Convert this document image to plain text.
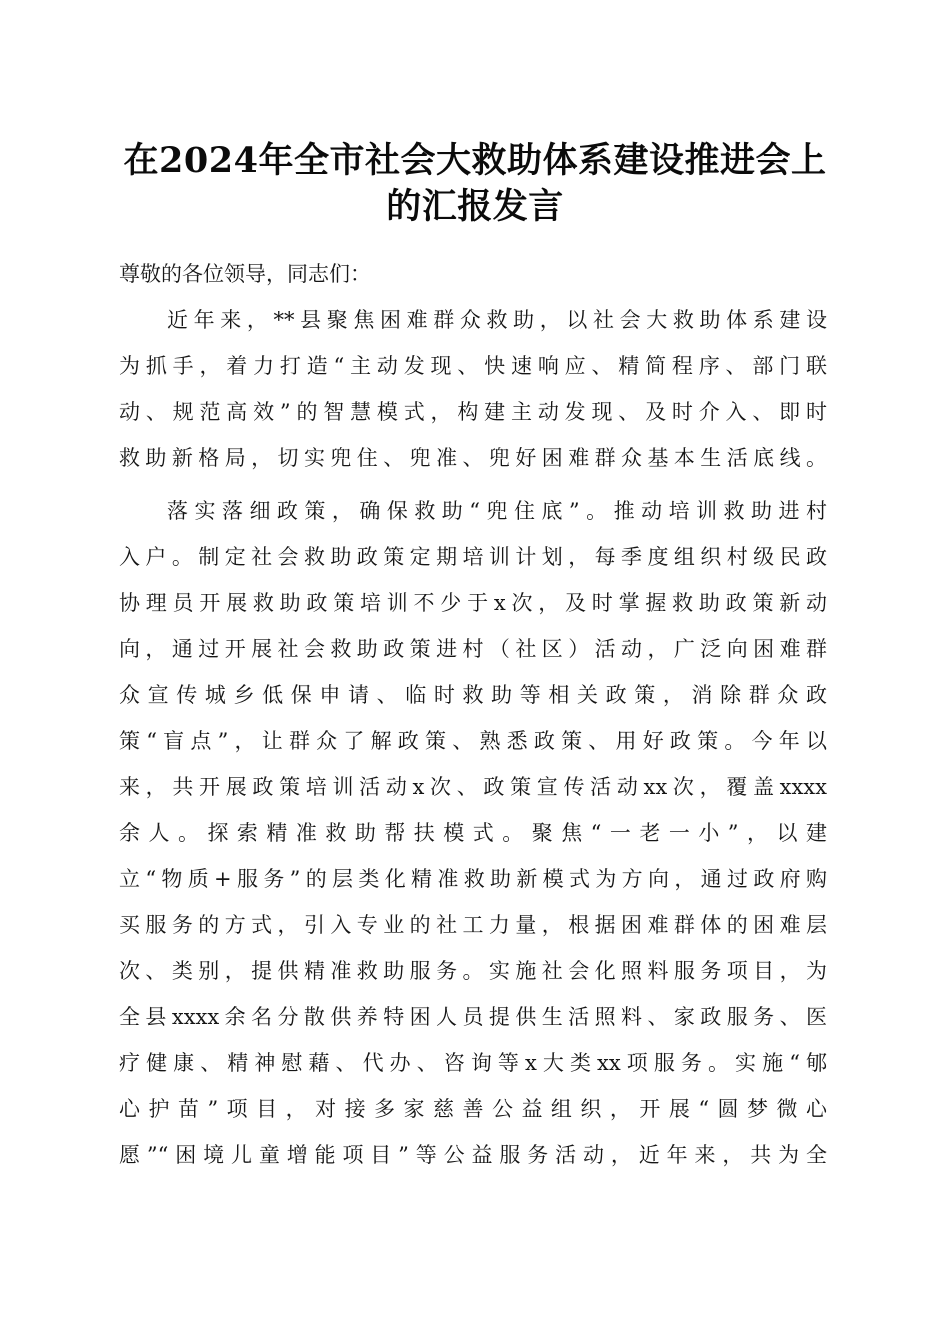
在2024年全市社会大救助体系建设推进会上
的汇报发言
尊敬的各位领导，同志们：
近年来，**县聚焦困难群众救助，以社会大救助体系建设
为抓手，着力打造“主动发现、快速响应、精简程序、部门联
动、规范高效”的智慧模式，构建主动发现、及时介入、即时
救助新格局，切实兜住、兜准、兜好困难群众基本生活底线。
落实落细政策，确保救助“兜住底”。推动培训救助进村
入户。制定社会救助政策定期培训计划，每季度组织村级民政
协理员开展救助政策培训不少于x次，及时掌握救助政策新动
向，通过开展社会救助政策进村（社区）活动，广泛向困难群
众宣传城乡低保申请、临时救助等相关政策，消除群众政
策“盲点”，让群众了解政策、熟悉政策、用好政策。今年以
来，共开展政策培训活动x次、政策宣传活动xx次，覆盖xxxx
余人。探索精准救助帮扶模式。聚焦“一老一小”，以建
立“物质+服务”的层类化精准救助新模式为方向，通过政府购
买服务的方式，引入专业的社工力量，根据困难群体的困难层
次、类别，提供精准救助服务。实施社会化照料服务项目，为
全县xxxx余名分散供养特困人员提供生活照料、家政服务、医
疗健康、精神慰藉、代办、咨询等x大类xx项服务。实施“郇
心护苗”项目，对接多家慈善公益组织，开展“圆梦微心
愿”“困境儿童增能项目”等公益服务活动，近年来，共为全
